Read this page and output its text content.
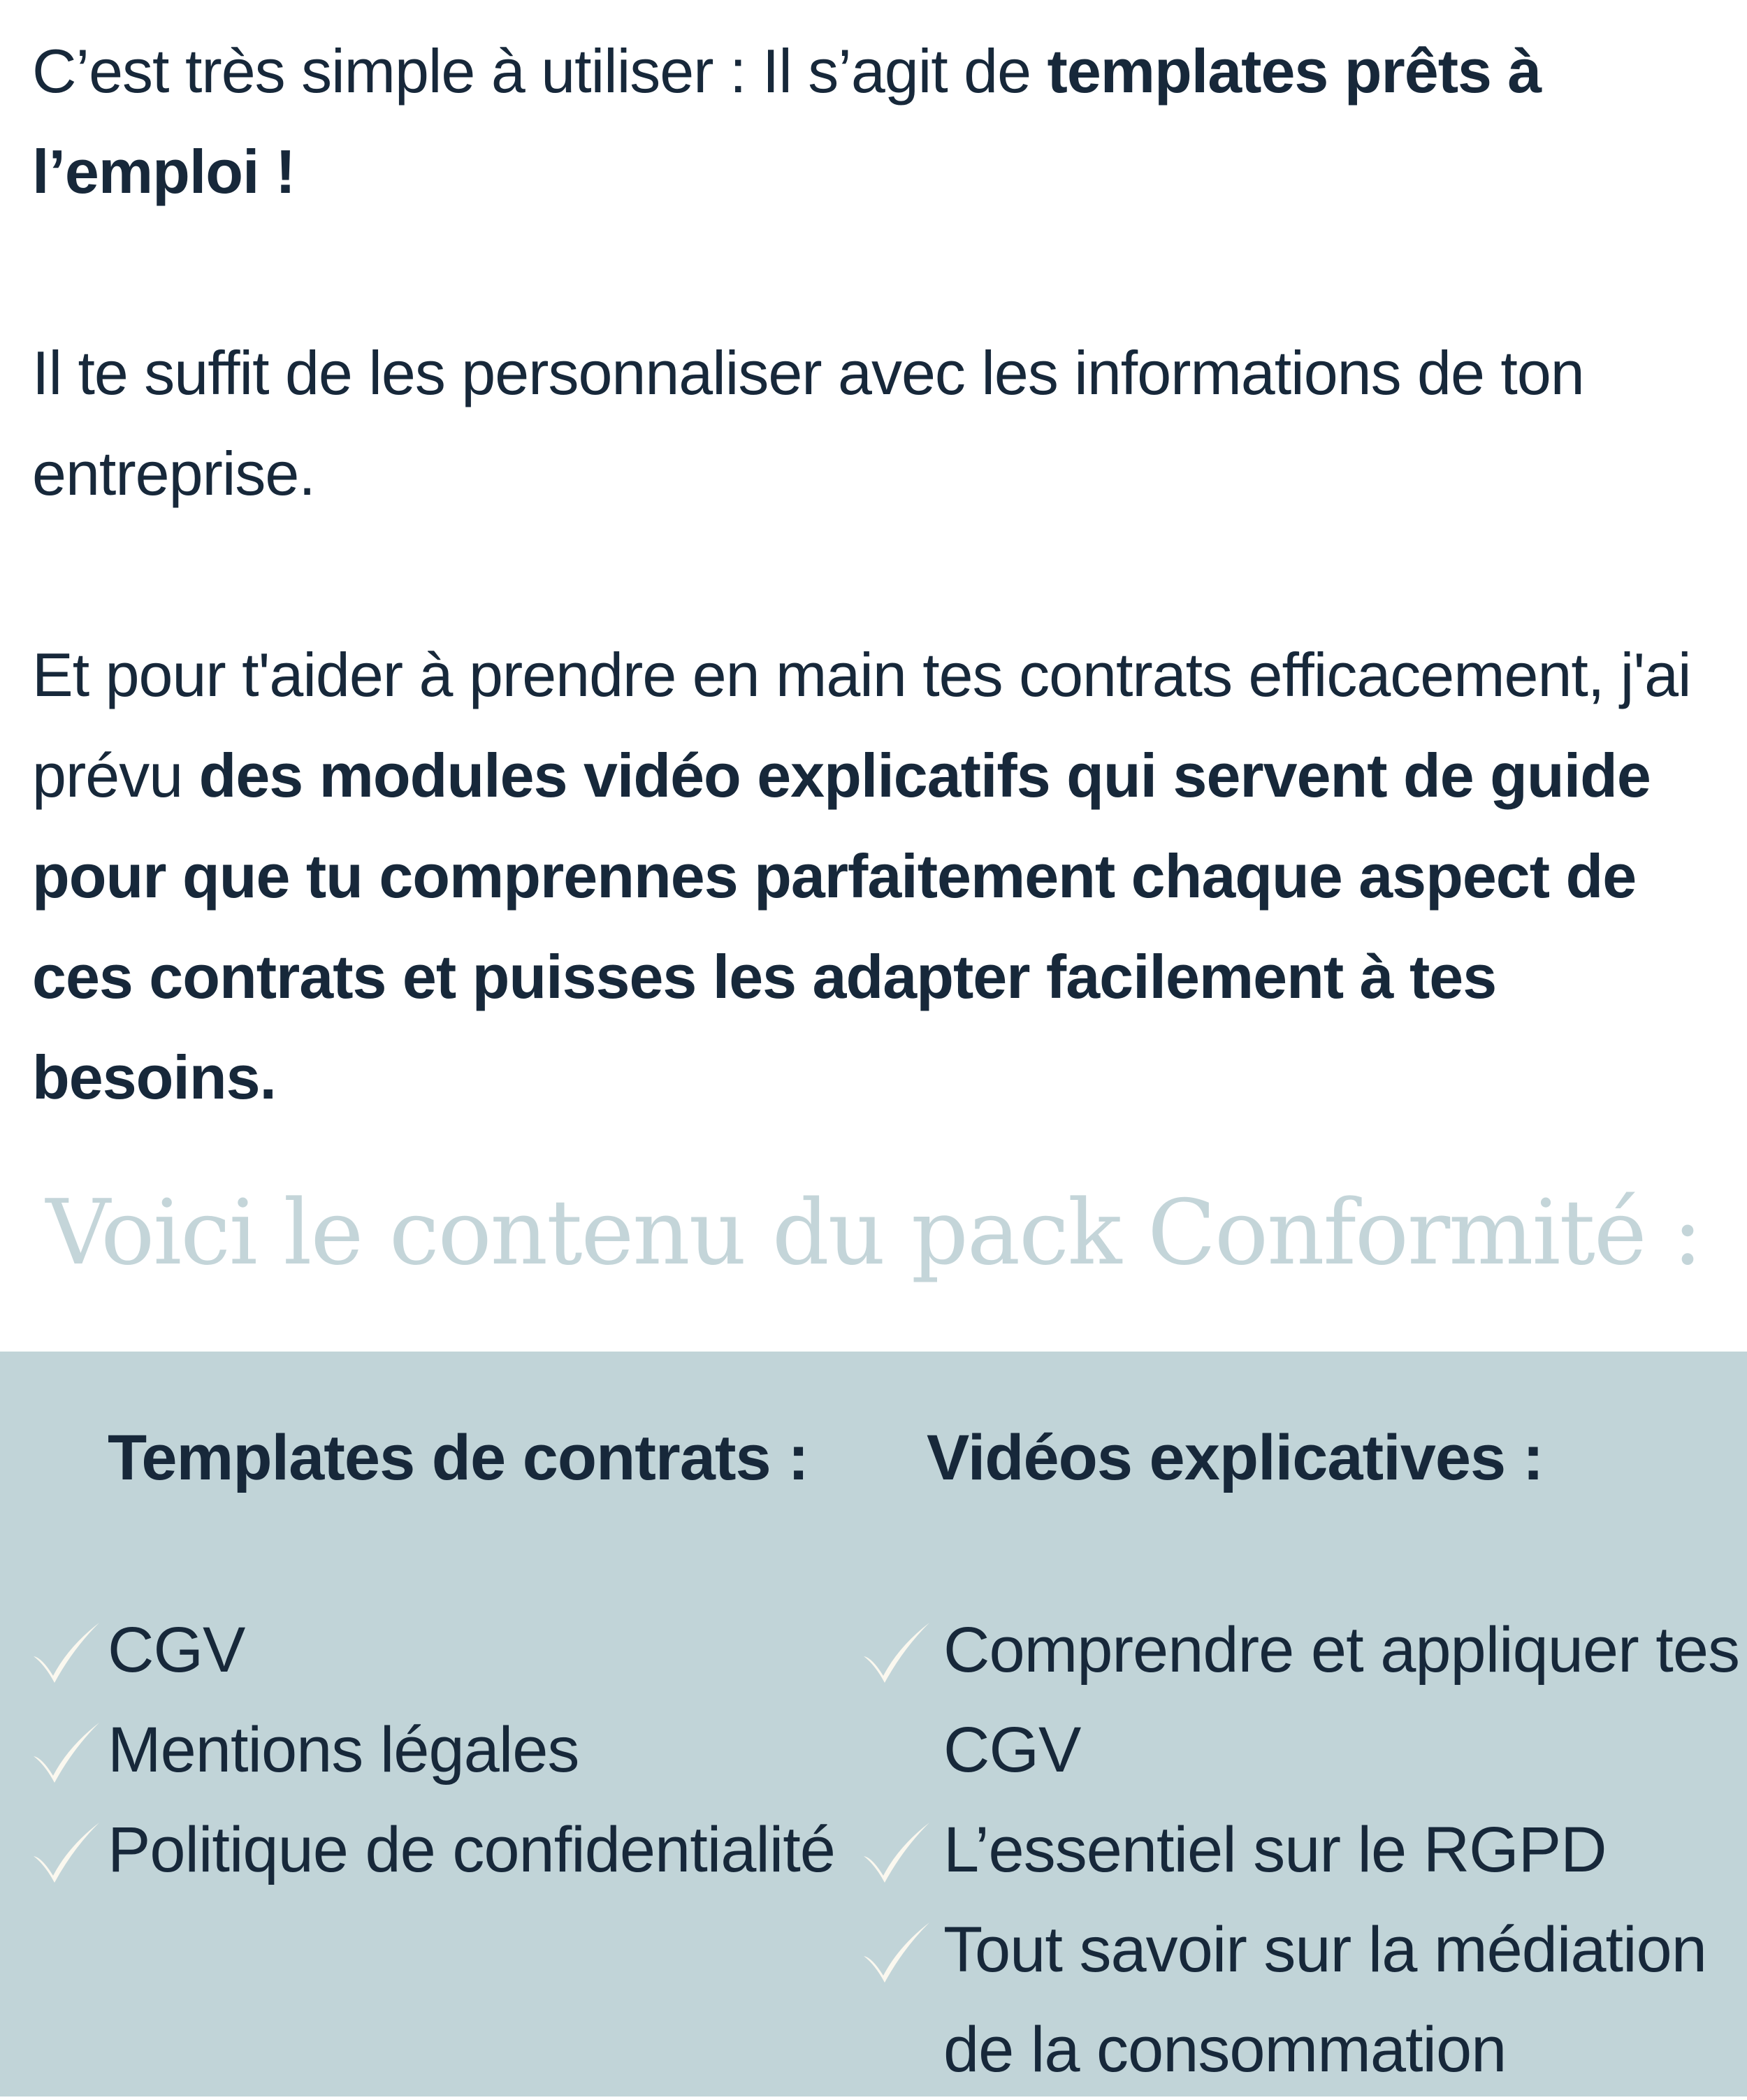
C’est très simple à utiliser : Il s’agit de templates prêts à l’emploi !

Il te suffit de les personnaliser avec les informations de ton entreprise.

Et pour t'aider à prendre en main tes contrats efficacement, j'ai prévu des modules vidéo explicatifs qui servent de guide pour que tu comprennes parfaitement chaque aspect de ces contrats et puisses les adapter facilement à tes besoins.

Voici le contenu du pack Conformité :
Templates de contrats :
CGV
Mentions légales
Politique de confidentialité
Vidéos explicatives :
Comprendre et appliquer tes CGV
L’essentiel sur le RGPD
Tout savoir sur la médiation de la consommation
